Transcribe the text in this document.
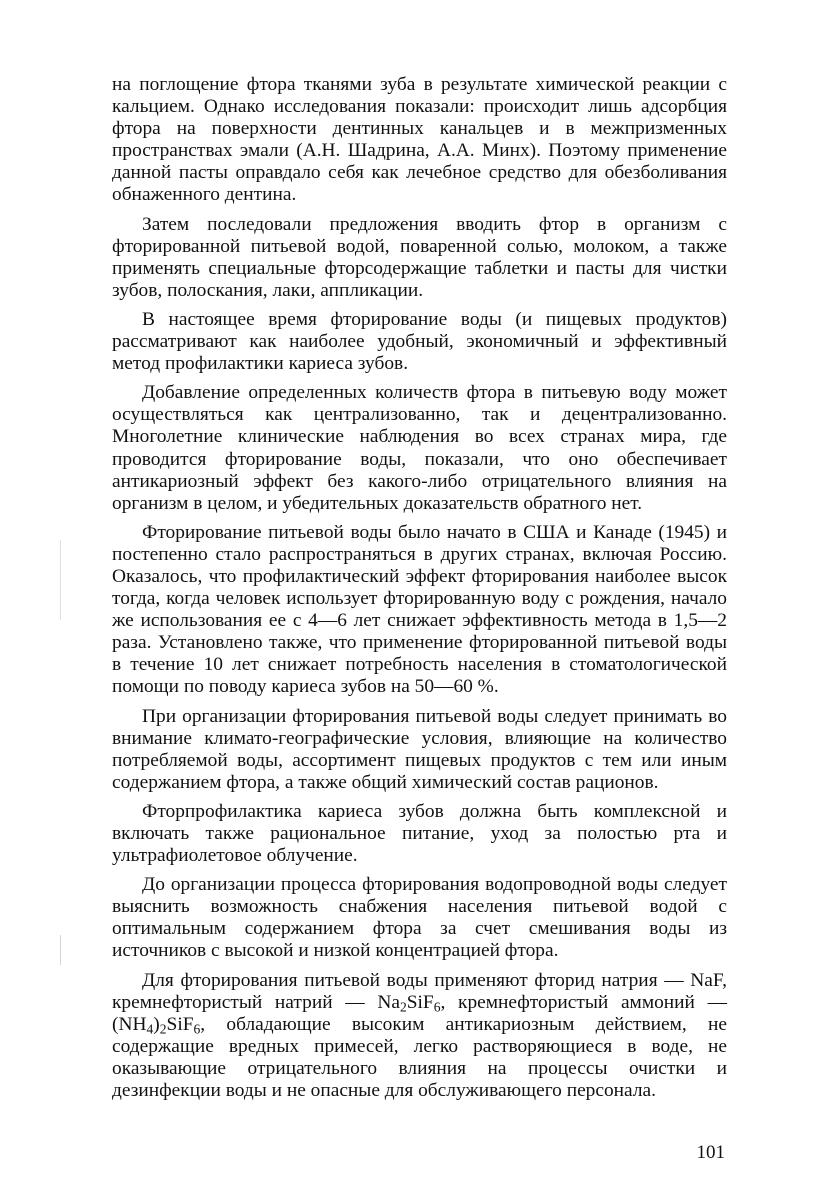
на поглощение фтора тканями зуба в результате химической реакции с кальцием. Однако исследования показали: происходит лишь адсорбция фтора на поверхности дентинных канальцев и в межпризменных пространствах эмали (А.Н. Шадрина, А.А. Минх). Поэтому применение данной пасты оправдало себя как лечебное средство для обезболивания обнаженного дентина.

Затем последовали предложения вводить фтор в организм с фторированной питьевой водой, поваренной солью, молоком, а также применять специальные фторсодержащие таблетки и пасты для чистки зубов, полоскания, лаки, аппликации.

В настоящее время фторирование воды (и пищевых продуктов) рассматривают как наиболее удобный, экономичный и эффективный метод профилактики кариеса зубов.

Добавление определенных количеств фтора в питьевую воду может осуществляться как централизованно, так и децентрализованно. Многолетние клинические наблюдения во всех странах мира, где проводится фторирование воды, показали, что оно обеспечивает антикариозный эффект без какого-либо отрицательного влияния на организм в целом, и убедительных доказательств обратного нет.

Фторирование питьевой воды было начато в США и Канаде (1945) и постепенно стало распространяться в других странах, включая Россию. Оказалось, что профилактический эффект фторирования наиболее высок тогда, когда человек использует фторированную воду с рождения, начало же использования ее с 4—6 лет снижает эффективность метода в 1,5—2 раза. Установлено также, что применение фторированной питьевой воды в течение 10 лет снижает потребность населения в стоматологической помощи по поводу кариеса зубов на 50—60 %.

При организации фторирования питьевой воды следует принимать во внимание климато-географические условия, влияющие на количество потребляемой воды, ассортимент пищевых продуктов с тем или иным содержанием фтора, а также общий химический состав рационов.

Фторпрофилактика кариеса зубов должна быть комплексной и включать также рациональное питание, уход за полостью рта и ультрафиолетовое облучение.

До организации процесса фторирования водопроводной воды следует выяснить возможность снабжения населения питьевой водой с оптимальным содержанием фтора за счет смешивания воды из источников с высокой и низкой концентрацией фтора.

Для фторирования питьевой воды применяют фторид натрия — NaF, кремнефтористый натрий — $Na_2SiF_6$, кремнефтористый аммоний — $(NH_4)_2SiF_6$, обладающие высоким антикариозным действием, не содержащие вредных примесей, легко растворяющиеся в воде, не оказывающие отрицательного влияния на процессы очистки и дезинфекции воды и не опасные для обслуживающего персонала.

101
